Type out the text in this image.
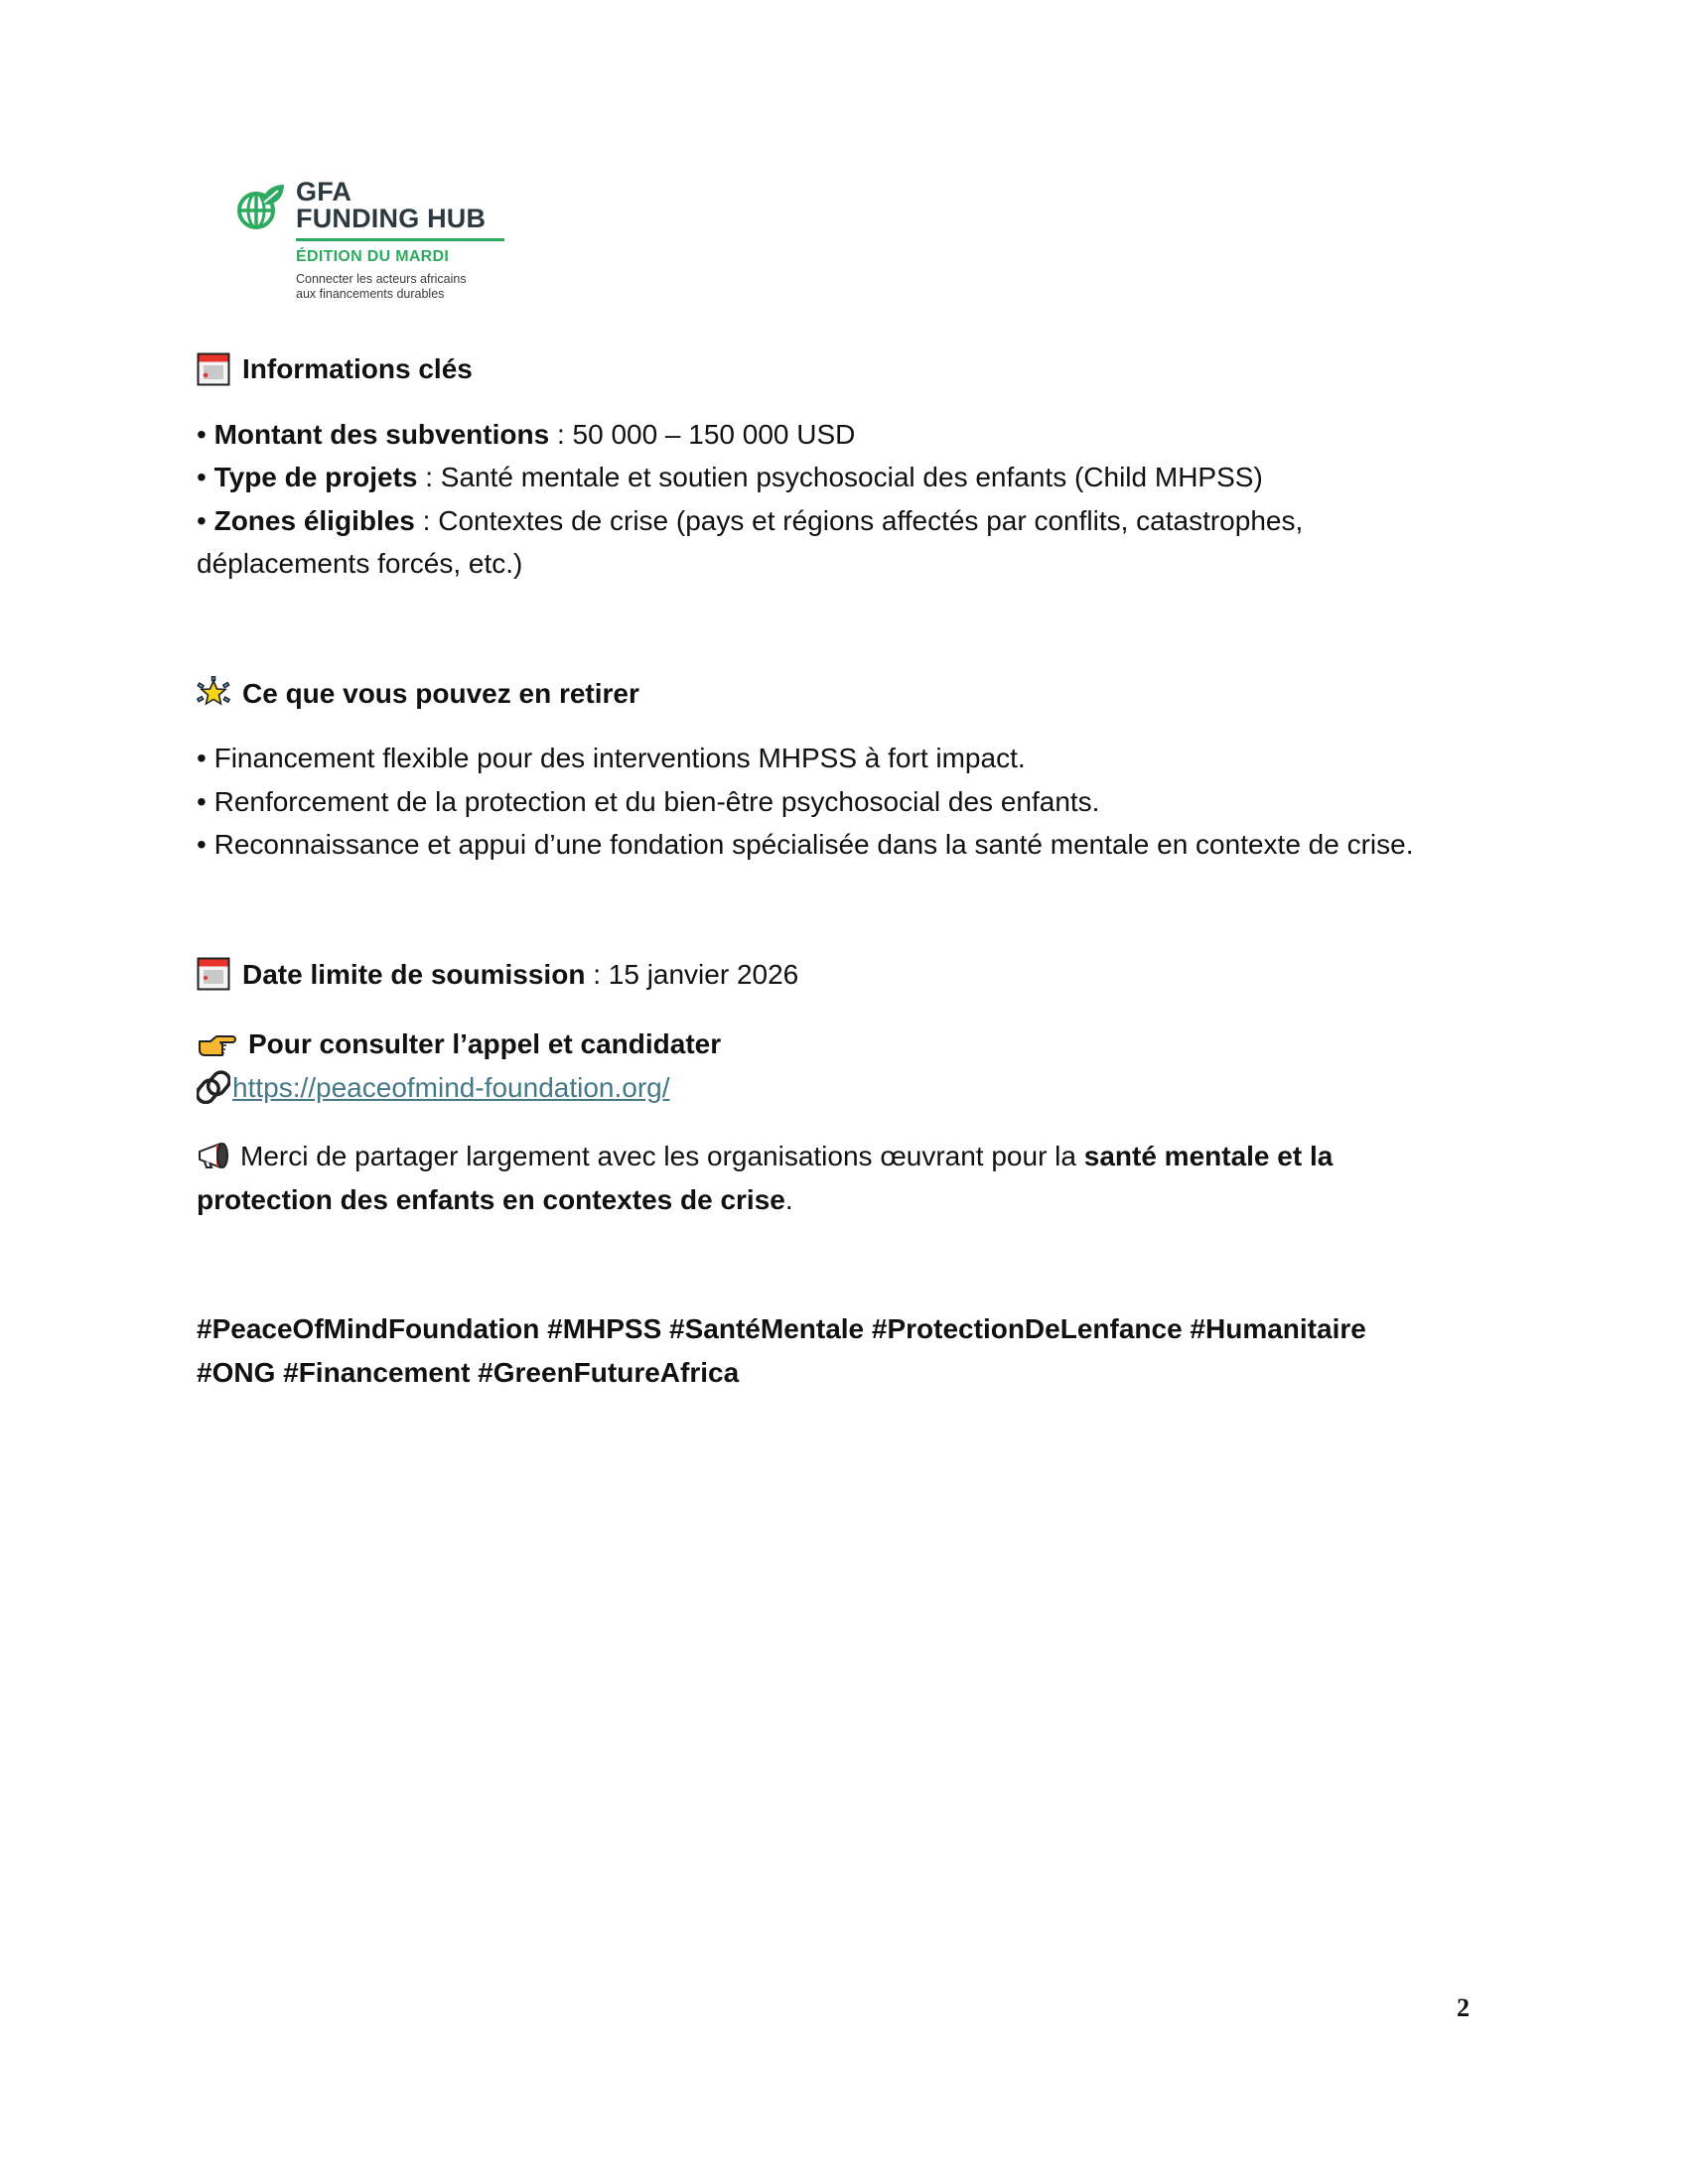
GFA
FUNDING HUB
ÉDITION DU MARDI
Connecter les acteurs africains
aux financements durables

Informations clés

• Montant des subventions : 50 000 – 150 000 USD

• Type de projets : Santé mentale et soutien psychosocial des enfants (Child MHPSS)

• Zones éligibles : Contextes de crise (pays et régions affectés par conflits, catastrophes, déplacements forcés, etc.)

Ce que vous pouvez en retirer

• Financement flexible pour des interventions MHPSS à fort impact.

• Renforcement de la protection et du bien-être psychosocial des enfants.

• Reconnaissance et appui d’une fondation spécialisée dans la santé mentale en contexte de crise.

Date limite de soumission : 15 janvier 2026

Pour consulter l’appel et candidater

https://peaceofmind-foundation.org/

Merci de partager largement avec les organisations œuvrant pour la santé mentale et la protection des enfants en contextes de crise.

#PeaceOfMindFoundation #MHPSS #SantéMentale #ProtectionDeLenfance #Humanitaire
#ONG #Financement #GreenFutureAfrica

2
